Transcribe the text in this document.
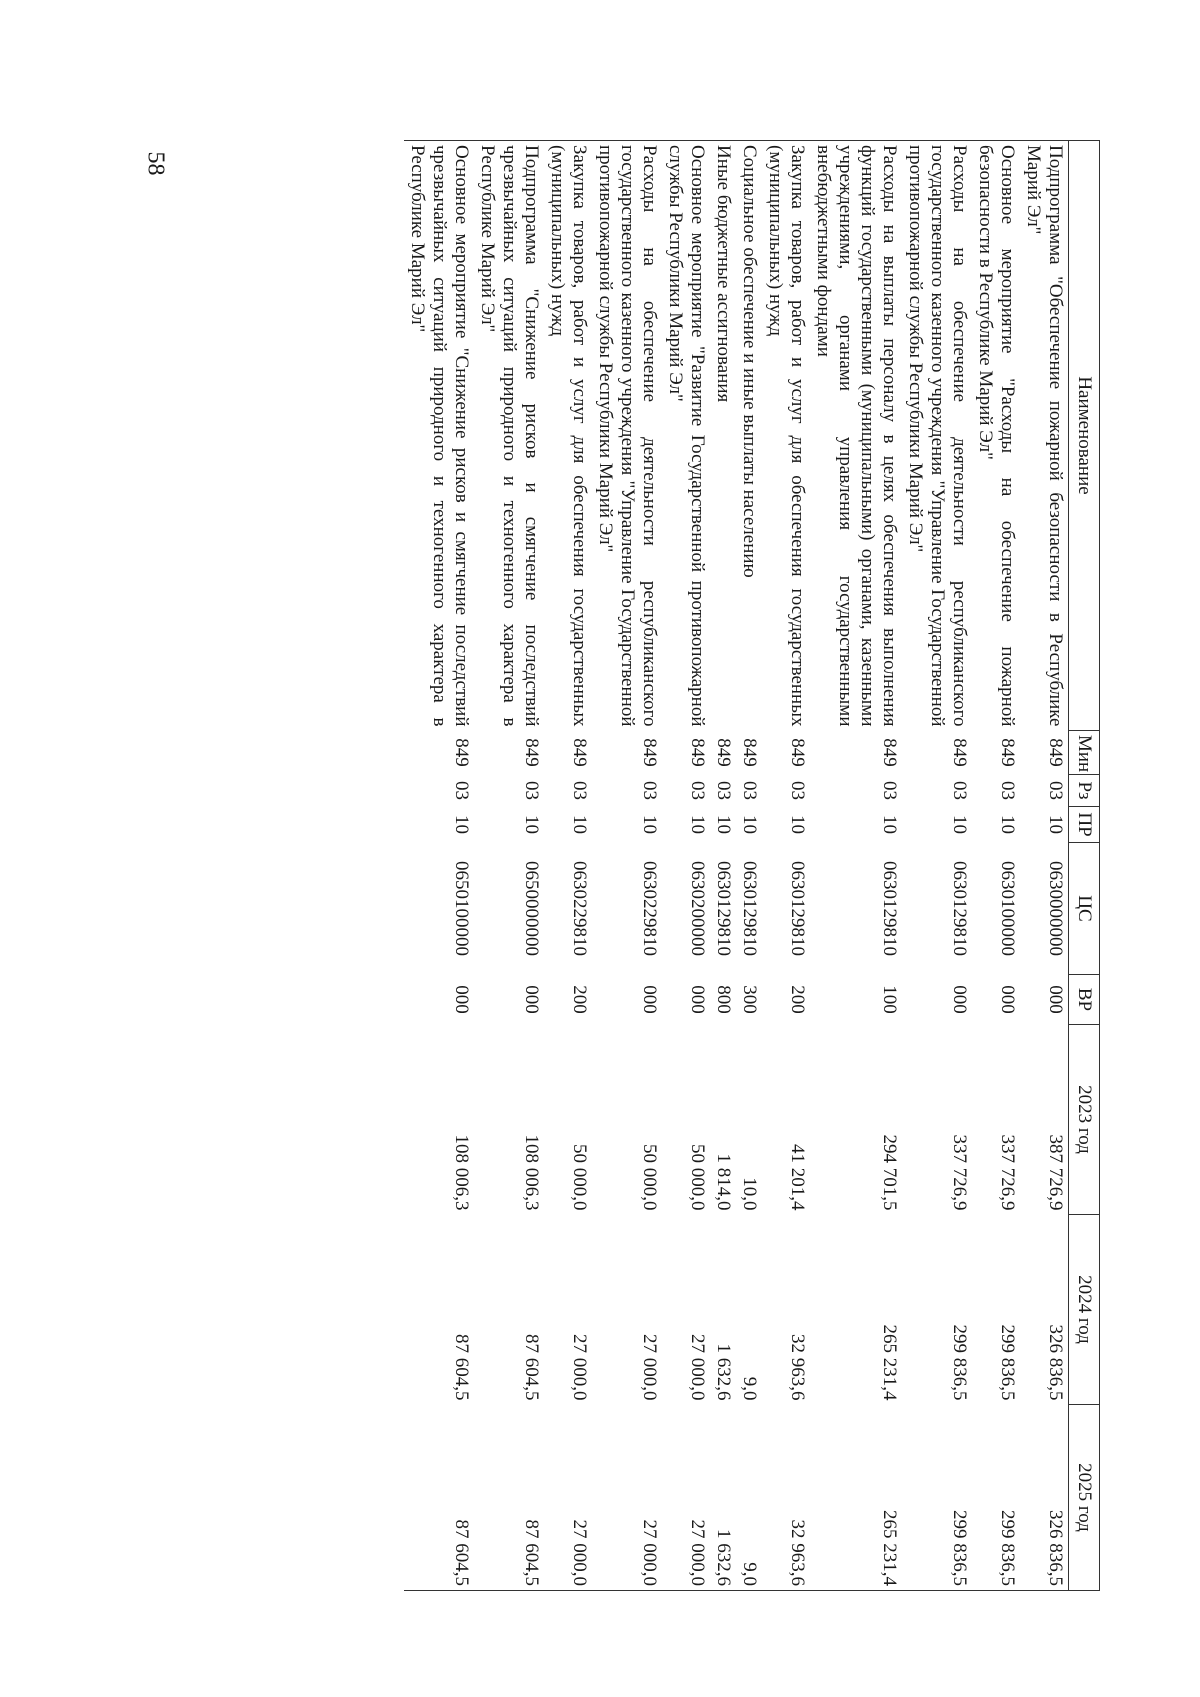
58
Наименование	Мин	Рз	ПР	ЦС	ВР	2023 год	2024 год	2025 год
Подпрограмма "Обеспечение пожарной безопасности в Республике Марий Эл"	849	03	10	0630000000	000	387 726,9	326 836,5	326 836,5
Основное мероприятие "Расходы на обеспечение пожарной безопасности в Республике Марий Эл"	849	03	10	0630100000	000	337 726,9	299 836,5	299 836,5
Расходы на обеспечение деятельности республиканского государственного казенного учреждения "Управление Государственной противопожарной службы Республики Марий Эл"	849	03	10	0630129810	000	337 726,9	299 836,5	299 836,5
Расходы на выплаты персоналу в целях обеспечения выполнения функций государственными (муниципальными) органами, казенными учреждениями, органами управления государственными внебюджетными фондами	849	03	10	0630129810	100	294 701,5	265 231,4	265 231,4
Закупка товаров, работ и услуг для обеспечения государственных (муниципальных) нужд	849	03	10	0630129810	200	41 201,4	32 963,6	32 963,6
Социальное обеспечение и иные выплаты населению	849	03	10	0630129810	300	10,0	9,0	9,0
Иные бюджетные ассигнования	849	03	10	0630129810	800	1 814,0	1 632,6	1 632,6
Основное мероприятие "Развитие Государственной противопожарной службы Республики Марий Эл"	849	03	10	0630200000	000	50 000,0	27 000,0	27 000,0
Расходы на обеспечение деятельности республиканского государственного казенного учреждения "Управление Государственной противопожарной службы Республики Марий Эл"	849	03	10	0630229810	000	50 000,0	27 000,0	27 000,0
Закупка товаров, работ и услуг для обеспечения государственных (муниципальных) нужд	849	03	10	0630229810	200	50 000,0	27 000,0	27 000,0
Подпрограмма "Снижение рисков и смягчение последствий чрезвычайных ситуаций природного и техногенного характера в Республике Марий Эл"	849	03	10	0650000000	000	108 006,3	87 604,5	87 604,5
Основное мероприятие "Снижение рисков и смягчение последствий чрезвычайных ситуаций природного и техногенного характера в Республике Марий Эл"	849	03	10	0650100000	000	108 006,3	87 604,5	87 604,5
